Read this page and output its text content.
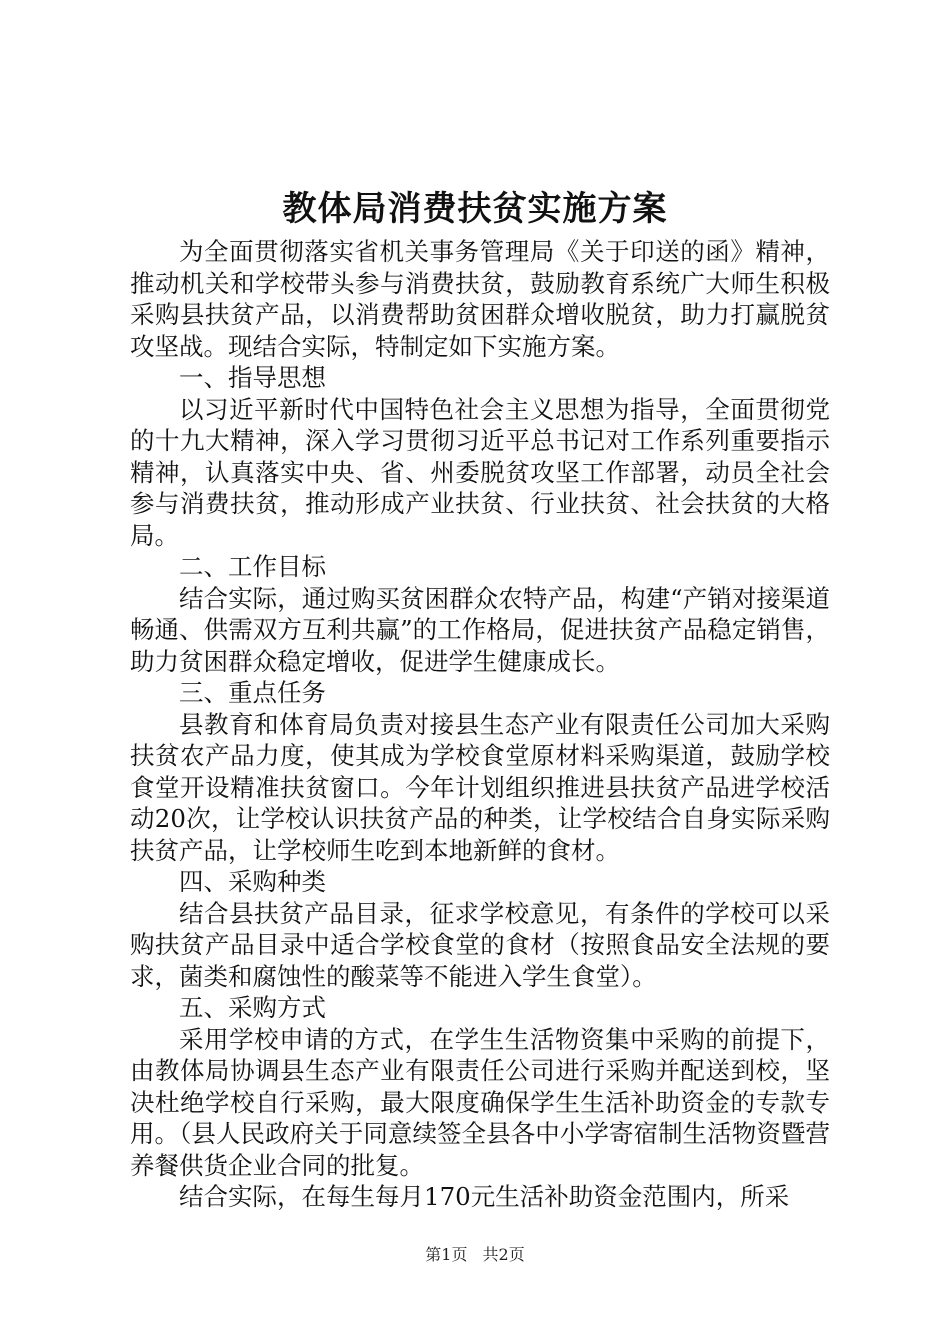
教体局消费扶贫实施方案

为全面贯彻落实省机关事务管理局《关于印送的函》精神，推动机关和学校带头参与消费扶贫，鼓励教育系统广大师生积极采购县扶贫产品，以消费帮助贫困群众增收脱贫，助力打赢脱贫攻坚战。现结合实际，特制定如下实施方案。

一、指导思想

以习近平新时代中国特色社会主义思想为指导，全面贯彻党的十九大精神，深入学习贯彻习近平总书记对工作系列重要指示精神，认真落实中央、省、州委脱贫攻坚工作部署，动员全社会参与消费扶贫，推动形成产业扶贫、行业扶贫、社会扶贫的大格局。

二、工作目标

结合实际，通过购买贫困群众农特产品，构建“产销对接渠道畅通、供需双方互利共赢”的工作格局，促进扶贫产品稳定销售，助力贫困群众稳定增收，促进学生健康成长。

三、重点任务

县教育和体育局负责对接县生态产业有限责任公司加大采购扶贫农产品力度，使其成为学校食堂原材料采购渠道，鼓励学校食堂开设精准扶贫窗口。今年计划组织推进县扶贫产品进学校活动20次，让学校认识扶贫产品的种类，让学校结合自身实际采购扶贫产品，让学校师生吃到本地新鲜的食材。

四、采购种类

结合县扶贫产品目录，征求学校意见，有条件的学校可以采购扶贫产品目录中适合学校食堂的食材（按照食品安全法规的要求，菌类和腐蚀性的酸菜等不能进入学生食堂）。

五、采购方式

采用学校申请的方式，在学生生活物资集中采购的前提下，由教体局协调县生态产业有限责任公司进行采购并配送到校，坚决杜绝学校自行采购，最大限度确保学生生活补助资金的专款专用。（县人民政府关于同意续签全县各中小学寄宿制生活物资暨营养餐供货企业合同的批复。

结合实际，在每生每月170元生活补助资金范围内，所采

第1页 共2页
